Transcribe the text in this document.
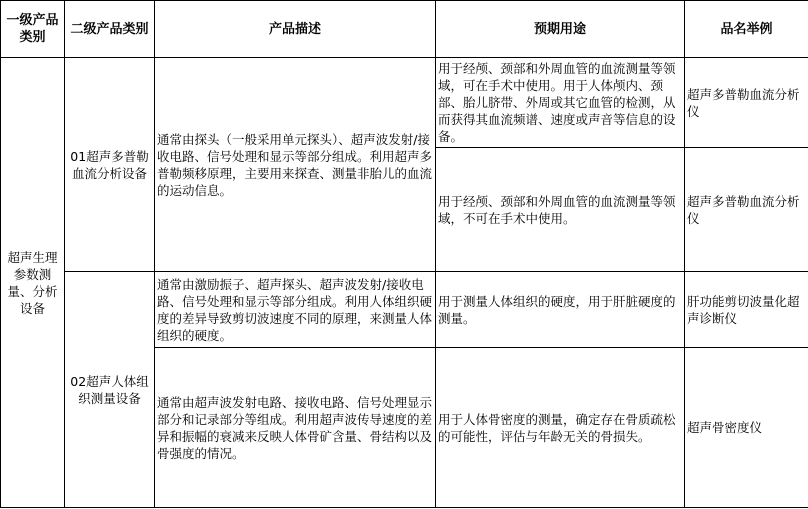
一级产品类别	二级产品类别	产品描述	预期用途	品名举例
超声生理参数测量、分析设备	01超声多普勒血流分析设备	通常由探头（一般采用单元探头）、超声波发射/接收电路、信号处理和显示等部分组成。利用超声多普勒频移原理，主要用来探查、测量非胎儿的血流的运动信息。	用于经颅、颈部和外周血管的血流测量等领域，可在手术中使用。用于人体颅内、颈部、胎儿脐带、外周或其它血管的检测，从而获得其血流频谱、速度或声音等信息的设备。	超声多普勒血流分析仪
			用于经颅、颈部和外周血管的血流测量等领域，不可在手术中使用。	超声多普勒血流分析仪
	02超声人体组织测量设备	通常由激励振子、超声探头、超声波发射/接收电路、信号处理和显示等部分组成。利用人体组织硬度的差异导致剪切波速度不同的原理，来测量人体组织的硬度。	用于测量人体组织的硬度，用于肝脏硬度的测量。	肝功能剪切波量化超声诊断仪
		通常由超声波发射电路、接收电路、信号处理显示部分和记录部分等组成。利用超声波传导速度的差异和振幅的衰减来反映人体骨矿含量、骨结构以及骨强度的情况。	用于人体骨密度的测量，确定存在骨质疏松的可能性，评估与年龄无关的骨损失。	超声骨密度仪
